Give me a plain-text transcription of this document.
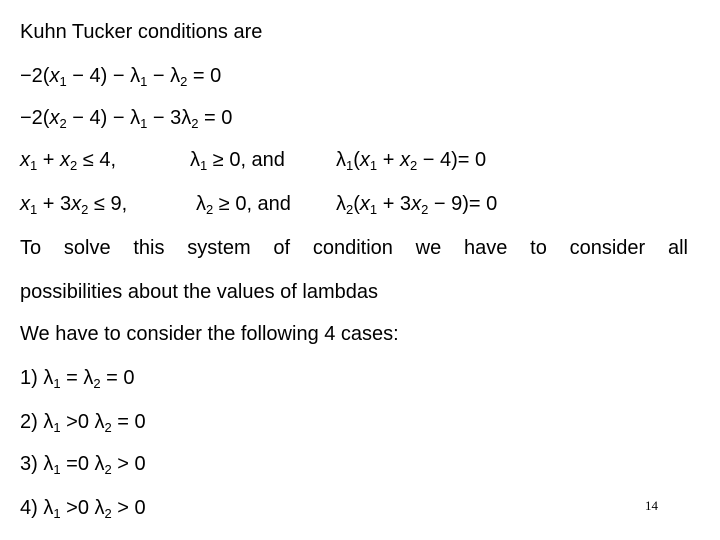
Kuhn Tucker conditions are
$-2(x_1 - 4) - \lambda_1 - \lambda_2 = 0$
$-2(x_2 - 4) - \lambda_1 - 3\lambda_2 = 0$
$x_1 + x_2 \le 4$,	$\lambda_1 \ge 0$, and	$\lambda_1(x_1 + x_2 - 4)= 0$
$x_1 + 3x_2 \le 9$,	$\lambda_2 \ge 0$, and $\lambda_2(x_1 + 3x_2 - 9)= 0$
To solve this system of condition we have to consider all
possibilities about the values of lambdas
We have to consider the following 4 cases:
1) $\lambda_1 = \lambda_2 = 0$
2) $\lambda_1 >0$ $\lambda_2 = 0$
3) $\lambda_1 =0$ $\lambda_2 > 0$
4) $\lambda_1 >0$ $\lambda_2 > 0$	14
